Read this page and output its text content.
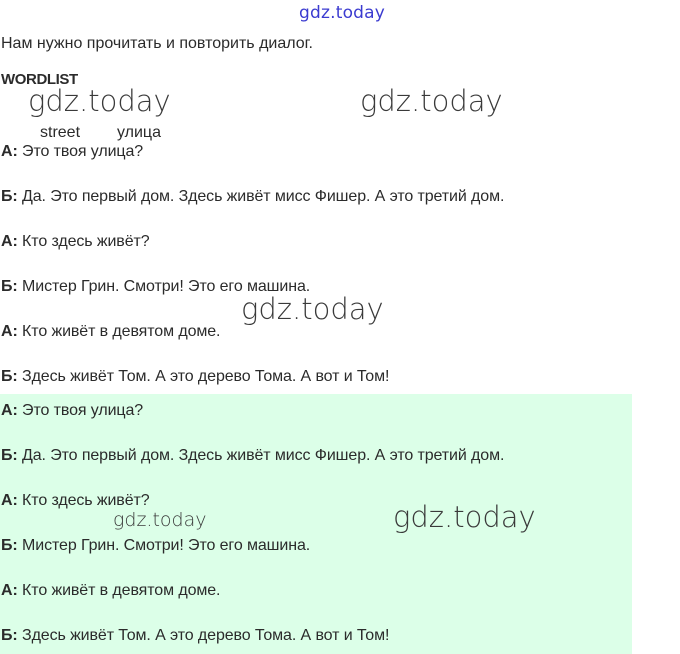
gdz.today
Нам нужно прочитать и повторить диалог.
WORDLIST
street улица
gdz.today	gdz.today
gdz.today
gdz.today	gdz.today
А: Это твоя улица?
Б: Да. Это первый дом. Здесь живёт мисс Фишер. А это третий дом.
А: Кто здесь живёт?
Б: Мистер Грин. Смотри! Это его машина.
А: Кто живёт в девятом доме.
Б: Здесь живёт Том. А это дерево Тома. А вот и Том!
А: Это твоя улица?
Б: Да. Это первый дом. Здесь живёт мисс Фишер. А это третий дом.
А: Кто здесь живёт?
Б: Мистер Грин. Смотри! Это его машина.
А: Кто живёт в девятом доме.
Б: Здесь живёт Том. А это дерево Тома. А вот и Том!
